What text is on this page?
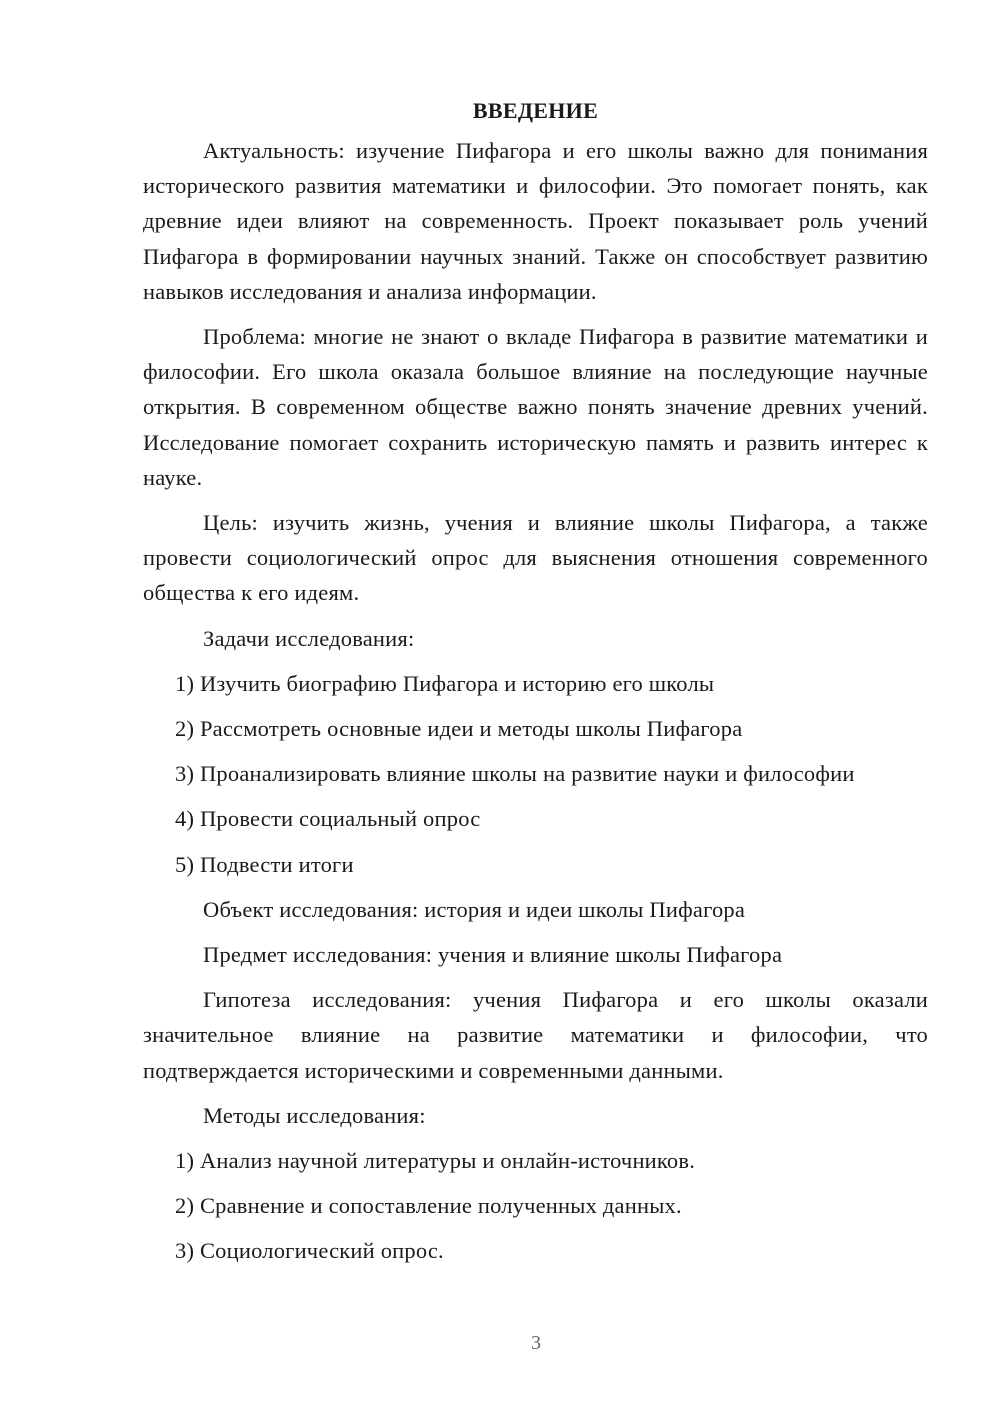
ВВЕДЕНИЕ

Актуальность: изучение Пифагора и его школы важно для понимания исторического развития математики и философии. Это помогает понять, как древние идеи влияют на современность. Проект показывает роль учений Пифагора в формировании научных знаний. Также он способствует развитию навыков исследования и анализа информации.

Проблема: многие не знают о вкладе Пифагора в развитие математики и философии. Его школа оказала большое влияние на последующие научные открытия. В современном обществе важно понять значение древних учений. Исследование помогает сохранить историческую память и развить интерес к науке.

Цель: изучить жизнь, учения и влияние школы Пифагора, а также провести социологический опрос для выяснения отношения современного общества к его идеям.

Задачи исследования:

1) Изучить биографию Пифагора и историю его школы
2) Рассмотреть основные идеи и методы школы Пифагора
3) Проанализировать влияние школы на развитие науки и философии
4) Провести социальный опрос
5) Подвести итоги

Объект исследования: история и идеи школы Пифагора

Предмет исследования: учения и влияние школы Пифагора

Гипотеза исследования: учения Пифагора и его школы оказали значительное влияние на развитие математики и философии, что подтверждается историческими и современными данными.

Методы исследования:

1) Анализ научной литературы и онлайн-источников.
2) Сравнение и сопоставление полученных данных.
3) Социологический опрос.
3
